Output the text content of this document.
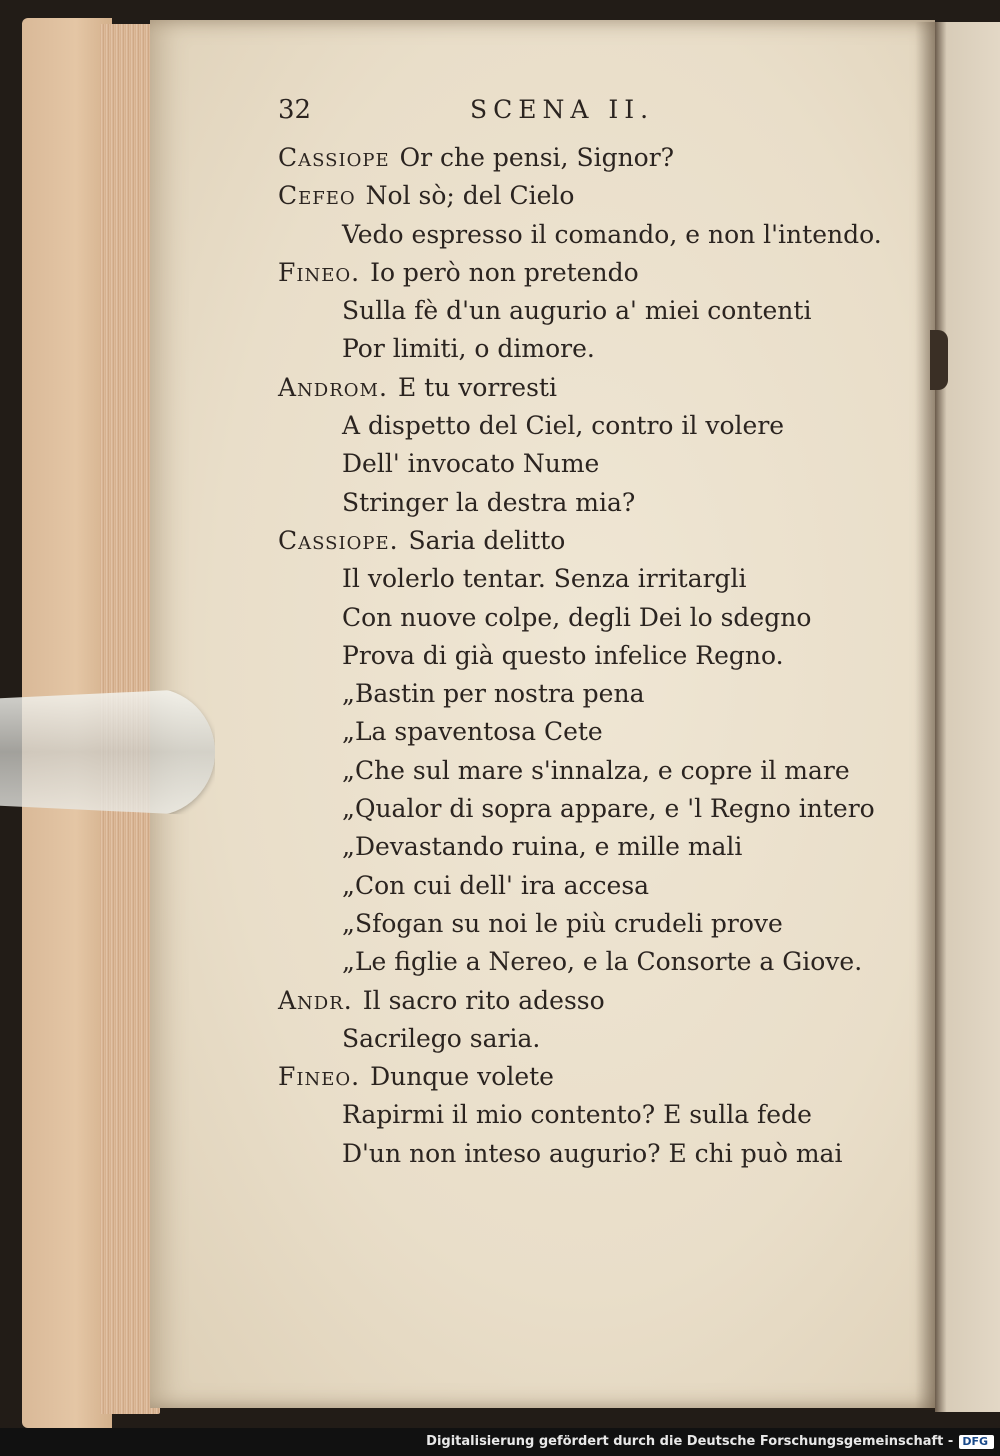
32	SCENA II.
Cassiope Or che pensi, Signor?
Cefeo Nol sò; del Cielo
Vedo espresso il comando, e non l'intendo.
Fineo. Io però non pretendo
Sulla fè d'un augurio a' miei contenti
Por limiti, o dimore.
Androm. E tu vorresti
A dispetto del Ciel, contro il volere
Dell' invocato Nume
Stringer la destra mia?
Cassiope. Saria delitto
Il volerlo tentar. Senza irritargli
Con nuove colpe, degli Dei lo sdegno
Prova di già questo infelice Regno.
„Bastin per nostra pena
„La spaventosa Cete
„Che sul mare s'innalza, e copre il mare
„Qualor di sopra appare, e 'l Regno intero
„Devastando ruina, e mille mali
„Con cui dell' ira accesa
„Sfogan su noi le più crudeli prove
„Le figlie a Nereo, e la Consorte a Giove.
Andr. Il sacro rito adesso
Sacrilego saria.
Fineo. Dunque volete
Rapirmi il mio contento? E sulla fede
D'un non inteso augurio? E chi può mai
Digitalisierung gefördert durch die Deutsche Forschungsgemeinschaft - DFG
